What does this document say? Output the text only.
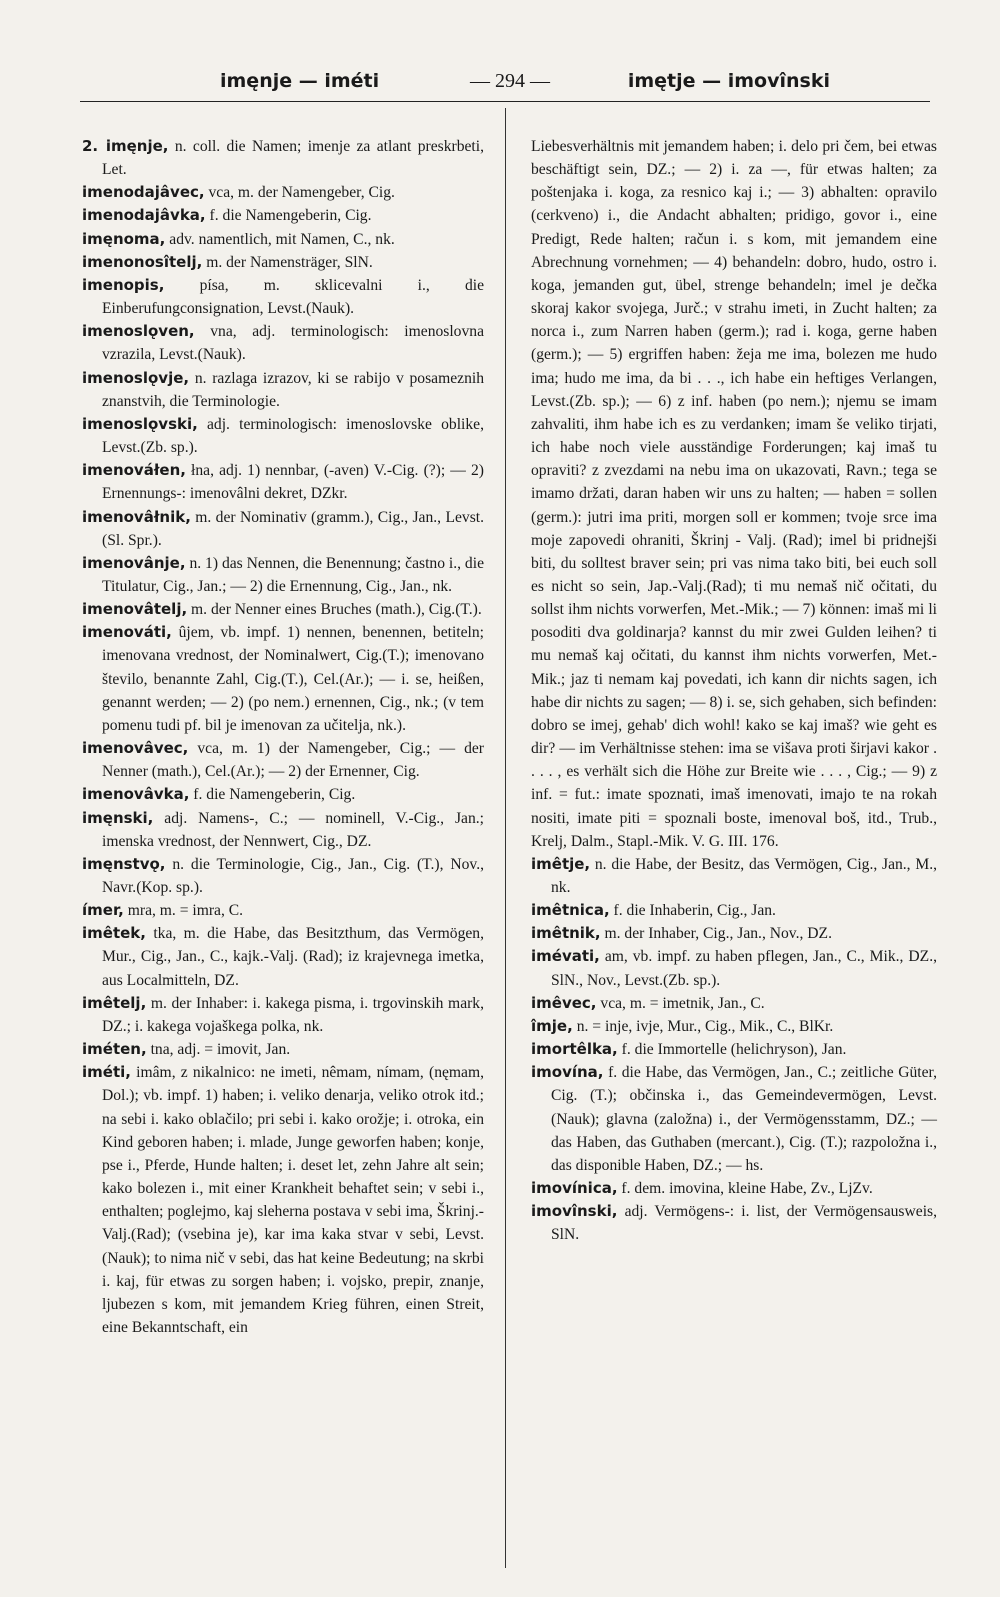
imęnje — iméti	— 294 —	imętje — imovînski

2. imęnje, n. coll. die Namen; imenje za atlant preskrbeti, Let.

imenodajâvec, vca, m. der Namengeber, Cig.

imenodajâvka, f. die Namengeberin, Cig.

imęnoma, adv. namentlich, mit Namen, C., nk.

imenonosîtelj, m. der Namensträger, SlN.

imenopis, písa, m. sklicevalni i., die Einberufungconsignation, Levst.(Nauk).

imenoslǫven, vna, adj. terminologisch: imenoslovna vzrazila, Levst.(Nauk).

imenoslǫvje, n. razlaga izrazov, ki se rabijo v posameznih znanstvih, die Terminologie.

imenoslǫvski, adj. terminologisch: imenoslovske oblike, Levst.(Zb. sp.).

imenováłen, łna, adj. 1) nennbar, (-aven) V.-Cig. (?); — 2) Ernennungs-: imenovâlni dekret, DZkr.

imenovâłnik, m. der Nominativ (gramm.), Cig., Jan., Levst.(Sl. Spr.).

imenovânje, n. 1) das Nennen, die Benennung; častno i., die Titulatur, Cig., Jan.; — 2) die Ernennung, Cig., Jan., nk.

imenovâtelj, m. der Nenner eines Bruches (math.), Cig.(T.).

imenováti, ûjem, vb. impf. 1) nennen, benennen, betiteln; imenovana vrednost, der Nominalwert, Cig.(T.); imenovano število, benannte Zahl, Cig.(T.), Cel.(Ar.); — i. se, heißen, genannt werden; — 2) (po nem.) ernennen, Cig., nk.; (v tem pomenu tudi pf. bil je imenovan za učitelja, nk.).

imenovâvec, vca, m. 1) der Namengeber, Cig.; — der Nenner (math.), Cel.(Ar.); — 2) der Ernenner, Cig.

imenovâvka, f. die Namengeberin, Cig.

imęnski, adj. Namens-, C.; — nominell, V.-Cig., Jan.; imenska vrednost, der Nennwert, Cig., DZ.

imęnstvǫ, n. die Terminologie, Cig., Jan., Cig. (T.), Nov., Navr.(Kop. sp.).

ímer, mra, m. = imra, C.

imêtek, tka, m. die Habe, das Besitzthum, das Vermögen, Mur., Cig., Jan., C., kajk.-Valj. (Rad); iz krajevnega imetka, aus Localmitteln, DZ.

imêtelj, m. der Inhaber: i. kakega pisma, i. trgovinskih mark, DZ.; i. kakega vojaškega polka, nk.

iméten, tna, adj. = imovit, Jan.

iméti, imâm, z nikalnico: ne imeti, nêmam, nímam, (nęmam, Dol.); vb. impf. 1) haben; i. veliko denarja, veliko otrok itd.; na sebi i. kako oblačilo; pri sebi i. kako orožje; i. otroka, ein Kind geboren haben; i. mlade, Junge geworfen haben; konje, pse i., Pferde, Hunde halten; i. deset let, zehn Jahre alt sein; kako bolezen i., mit einer Krankheit behaftet sein; v sebi i., enthalten; poglejmo, kaj sleherna postava v sebi ima, Škrinj.-Valj.(Rad); (vsebina je), kar ima kaka stvar v sebi, Levst.(Nauk); to nima nič v sebi, das hat keine Bedeutung; na skrbi i. kaj, für etwas zu sorgen haben; i. vojsko, prepir, znanje, ljubezen s kom, mit jemandem Krieg führen, einen Streit, eine Bekanntschaft, ein

Liebesverhältnis mit jemandem haben; i. delo pri čem, bei etwas beschäftigt sein, DZ.; — 2) i. za —, für etwas halten; za poštenjaka i. koga, za resnico kaj i.; — 3) abhalten: opravilo (cerkveno) i., die Andacht abhalten; pridigo, govor i., eine Predigt, Rede halten; račun i. s kom, mit jemandem eine Abrechnung vornehmen; — 4) behandeln: dobro, hudo, ostro i. koga, jemanden gut, übel, strenge behandeln; imel je dečka skoraj kakor svojega, Jurč.; v strahu imeti, in Zucht halten; za norca i., zum Narren haben (germ.); rad i. koga, gerne haben (germ.); — 5) ergriffen haben: žeja me ima, bolezen me hudo ima; hudo me ima, da bi . . ., ich habe ein heftiges Verlangen, Levst.(Zb. sp.); — 6) z inf. haben (po nem.); njemu se imam zahvaliti, ihm habe ich es zu verdanken; imam še veliko tirjati, ich habe noch viele ausständige Forderungen; kaj imaš tu opraviti? z zvezdami na nebu ima on ukazovati, Ravn.; tega se imamo držati, daran haben wir uns zu halten; — haben = sollen (germ.): jutri ima priti, morgen soll er kommen; tvoje srce ima moje zapovedi ohraniti, Škrinj - Valj. (Rad); imel bi pridnejši biti, du solltest braver sein; pri vas nima tako biti, bei euch soll es nicht so sein, Jap.-Valj.(Rad); ti mu nemaš nič očitati, du sollst ihm nichts vorwerfen, Met.-Mik.; — 7) können: imaš mi li posoditi dva goldinarja? kannst du mir zwei Gulden leihen? ti mu nemaš kaj očitati, du kannst ihm nichts vorwerfen, Met.-Mik.; jaz ti nemam kaj povedati, ich kann dir nichts sagen, ich habe dir nichts zu sagen; — 8) i. se, sich gehaben, sich befinden: dobro se imej, gehab' dich wohl! kako se kaj imaš? wie geht es dir? — im Verhältnisse stehen: ima se višava proti širjavi kakor . . . . , es verhält sich die Höhe zur Breite wie . . . , Cig.; — 9) z inf. = fut.: imate spoznati, imaš imenovati, imajo te na rokah nositi, imate piti = spoznali boste, imenoval boš, itd., Trub., Krelj, Dalm., Stapl.-Mik. V. G. III. 176.

imêtje, n. die Habe, der Besitz, das Vermögen, Cig., Jan., M., nk.

imêtnica, f. die Inhaberin, Cig., Jan.

imêtnik, m. der Inhaber, Cig., Jan., Nov., DZ.

imévati, am, vb. impf. zu haben pflegen, Jan., C., Mik., DZ., SlN., Nov., Levst.(Zb. sp.).

imêvec, vca, m. = imetnik, Jan., C.

îmje, n. = inje, ivje, Mur., Cig., Mik., C., BlKr.

imortêlka, f. die Immortelle (helichryson), Jan.

imovína, f. die Habe, das Vermögen, Jan., C.; zeitliche Güter, Cig. (T.); občinska i., das Gemeindevermögen, Levst. (Nauk); glavna (založna) i., der Vermögensstamm, DZ.; — das Haben, das Guthaben (mercant.), Cig. (T.); razpoložna i., das disponible Haben, DZ.; — hs.

imovínica, f. dem. imovina, kleine Habe, Zv., LjZv.

imovînski, adj. Vermögens-: i. list, der Vermögensausweis, SlN.
